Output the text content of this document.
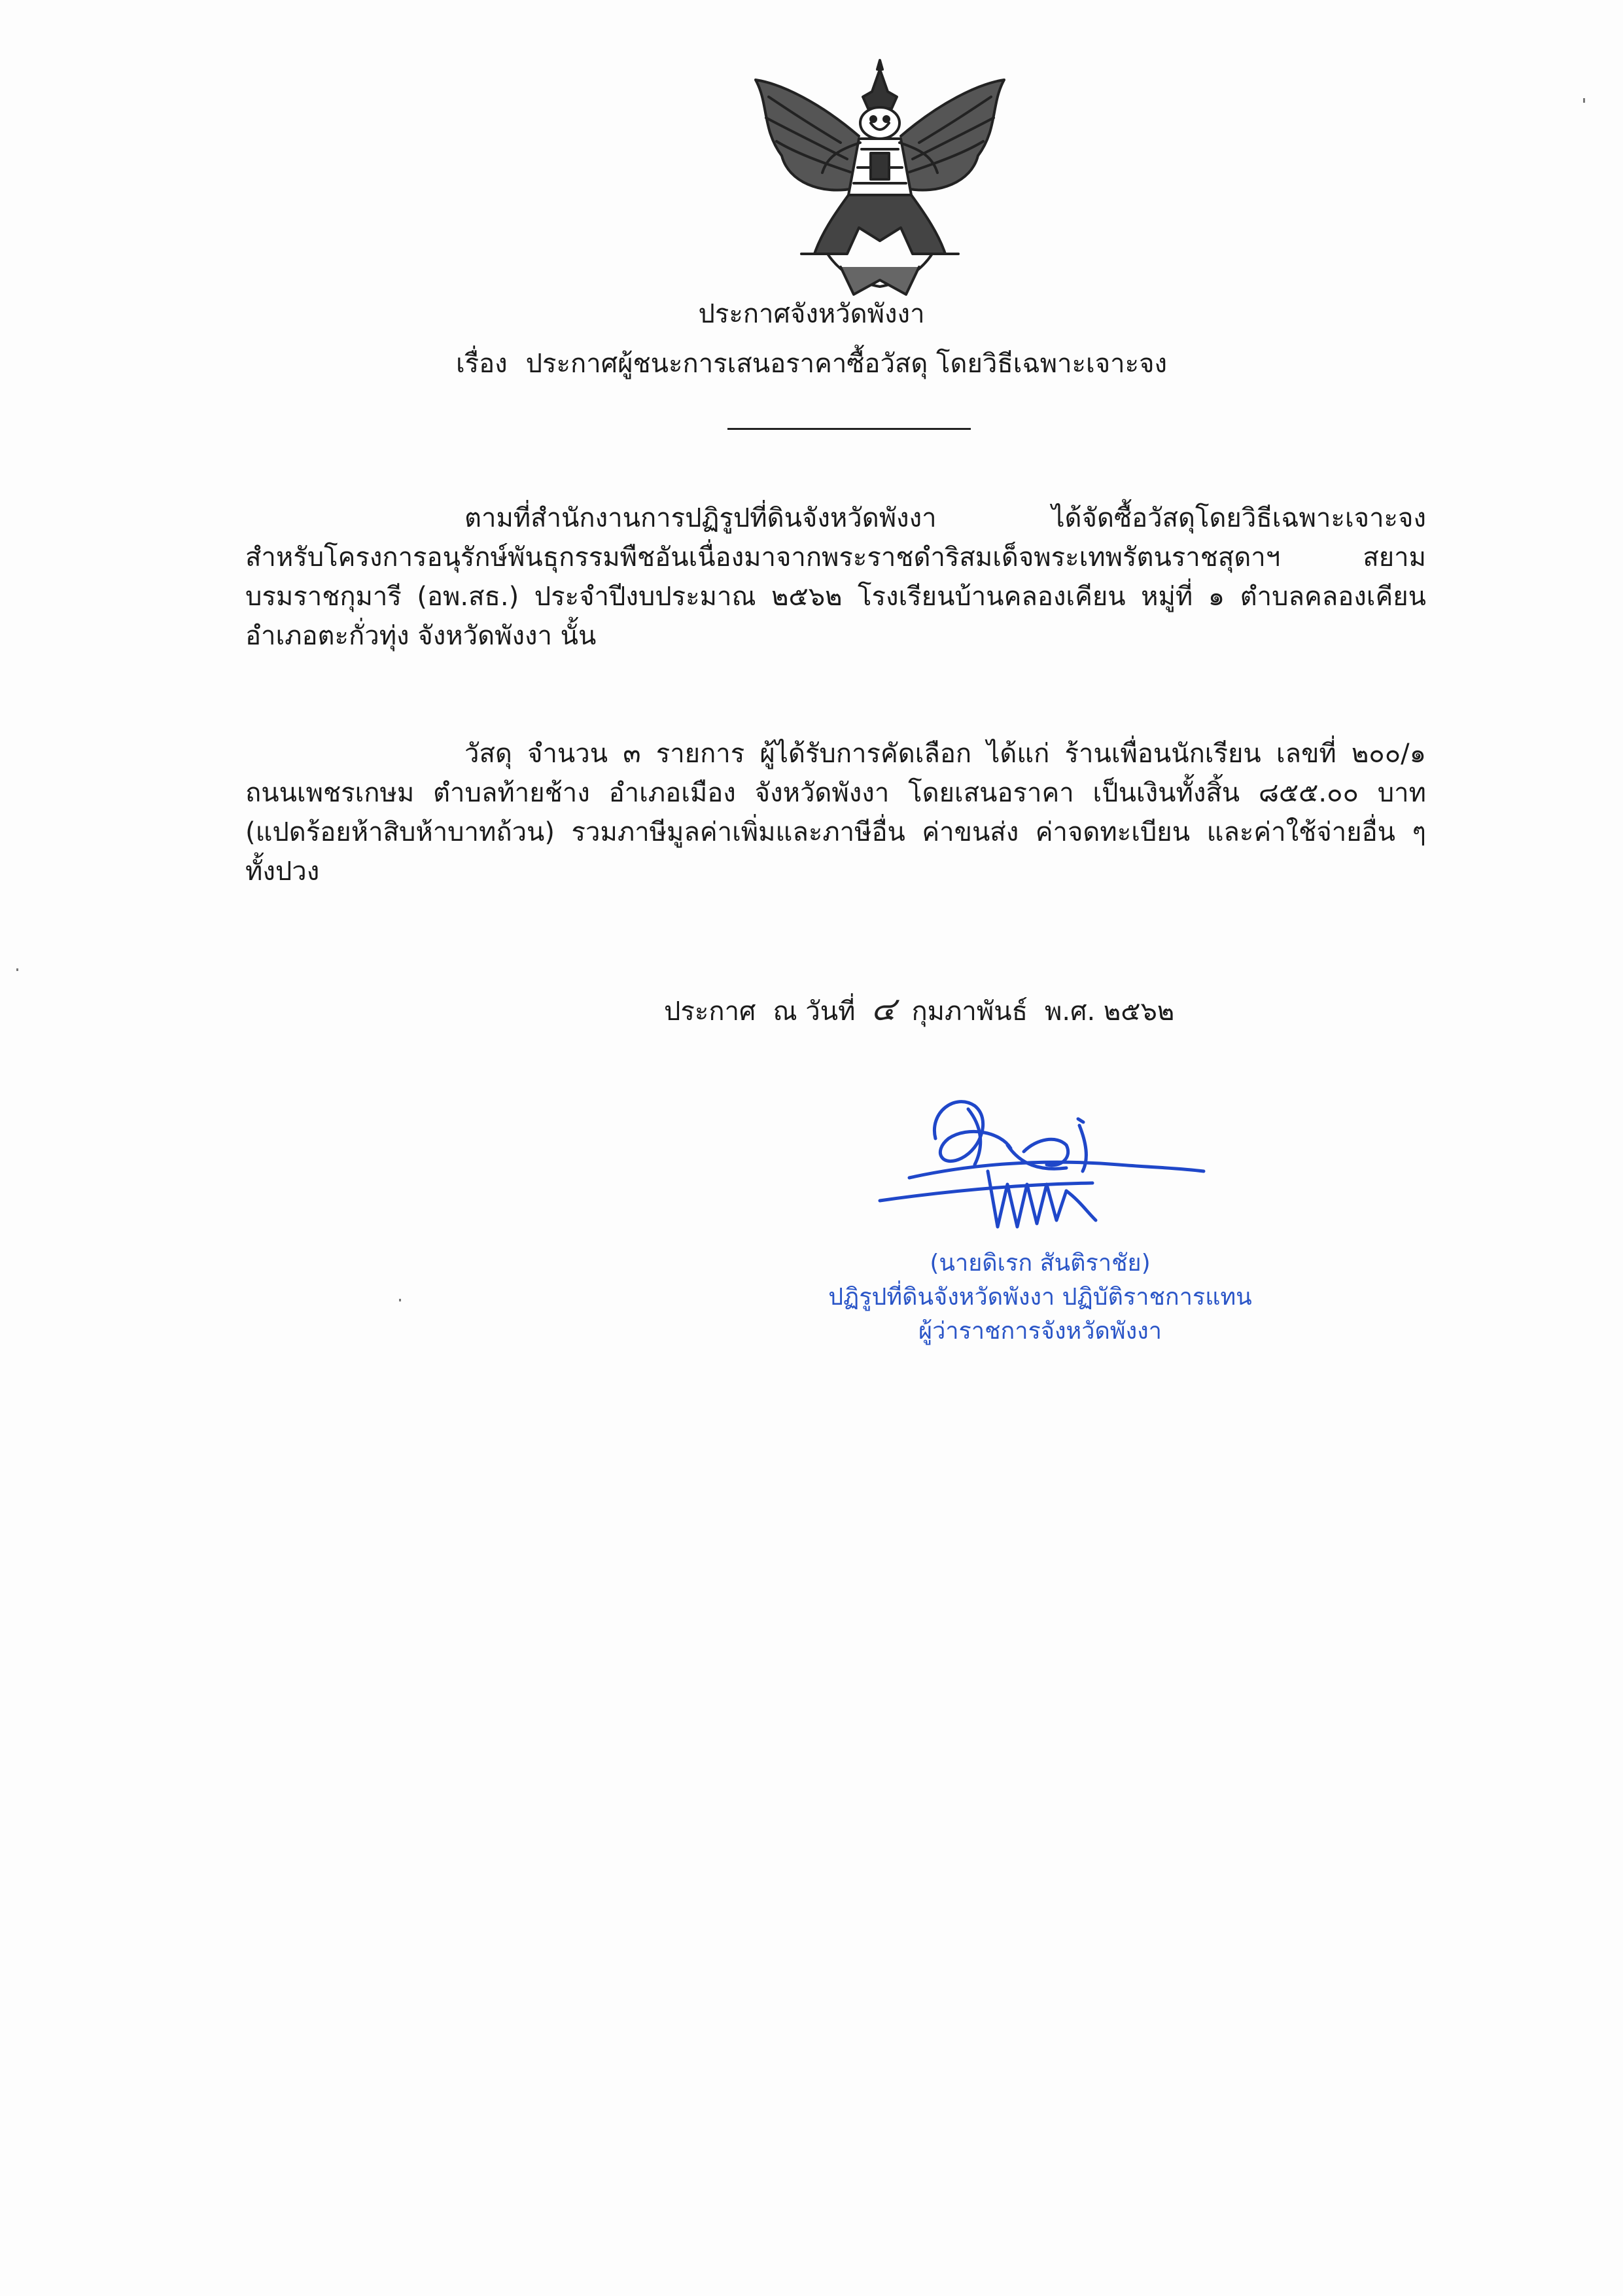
ประกาศจังหวัดพังงา
เรื่อง ประกาศผู้ชนะการเสนอราคาซื้อวัสดุ โดยวิธีเฉพาะเจาะจง

ตามที่สำนักงานการปฏิรูปที่ดินจังหวัดพังงา ได้จัดซื้อวัสดุโดยวิธีเฉพาะเจาะจง
สำหรับโครงการอนุรักษ์พันธุกรรมพืชอันเนื่องมาจากพระราชดำริสมเด็จพระเทพรัตนราชสุดาฯ สยาม
บรมราชกุมารี (อพ.สธ.) ประจำปีงบประมาณ ๒๕๖๒ โรงเรียนบ้านคลองเคียน หมู่ที่ ๑ ตำบลคลองเคียน
อำเภอตะกั่วทุ่ง จังหวัดพังงา นั้น

วัสดุ จำนวน ๓ รายการ ผู้ได้รับการคัดเลือก ได้แก่ ร้านเพื่อนนักเรียน เลขที่ ๒๐๐/๑
ถนนเพชรเกษม ตำบลท้ายช้าง อำเภอเมือง จังหวัดพังงา โดยเสนอราคา เป็นเงินทั้งสิ้น ๘๕๕.๐๐ บาท
(แปดร้อยห้าสิบห้าบาทถ้วน) รวมภาษีมูลค่าเพิ่มและภาษีอื่น ค่าขนส่ง ค่าจดทะเบียน และค่าใช้จ่ายอื่น ๆ
ทั้งปวง

ประกาศ ณ วันที่ ๔ กุมภาพันธ์ พ.ศ. ๒๕๖๒
(นายดิเรก สันติราชัย)
ปฏิรูปที่ดินจังหวัดพังงา ปฏิบัติราชการแทน
ผู้ว่าราชการจังหวัดพังงา
